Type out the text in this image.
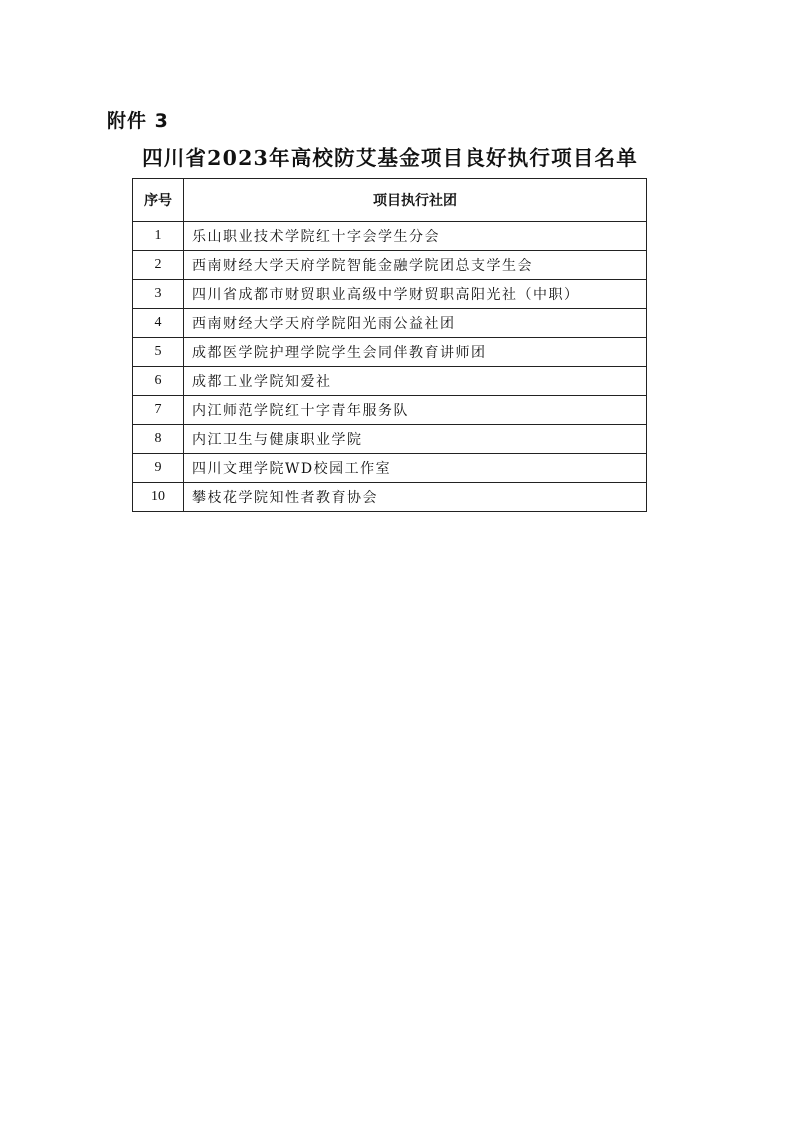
附件 3
四川省2023年高校防艾基金项目良好执行项目名单
序号	项目执行社团
1	乐山职业技术学院红十字会学生分会
2	西南财经大学天府学院智能金融学院团总支学生会
3	四川省成都市财贸职业高级中学财贸职高阳光社（中职）
4	西南财经大学天府学院阳光雨公益社团
5	成都医学院护理学院学生会同伴教育讲师团
6	成都工业学院知爱社
7	内江师范学院红十字青年服务队
8	内江卫生与健康职业学院
9	四川文理学院WD校园工作室
10	攀枝花学院知性者教育协会
